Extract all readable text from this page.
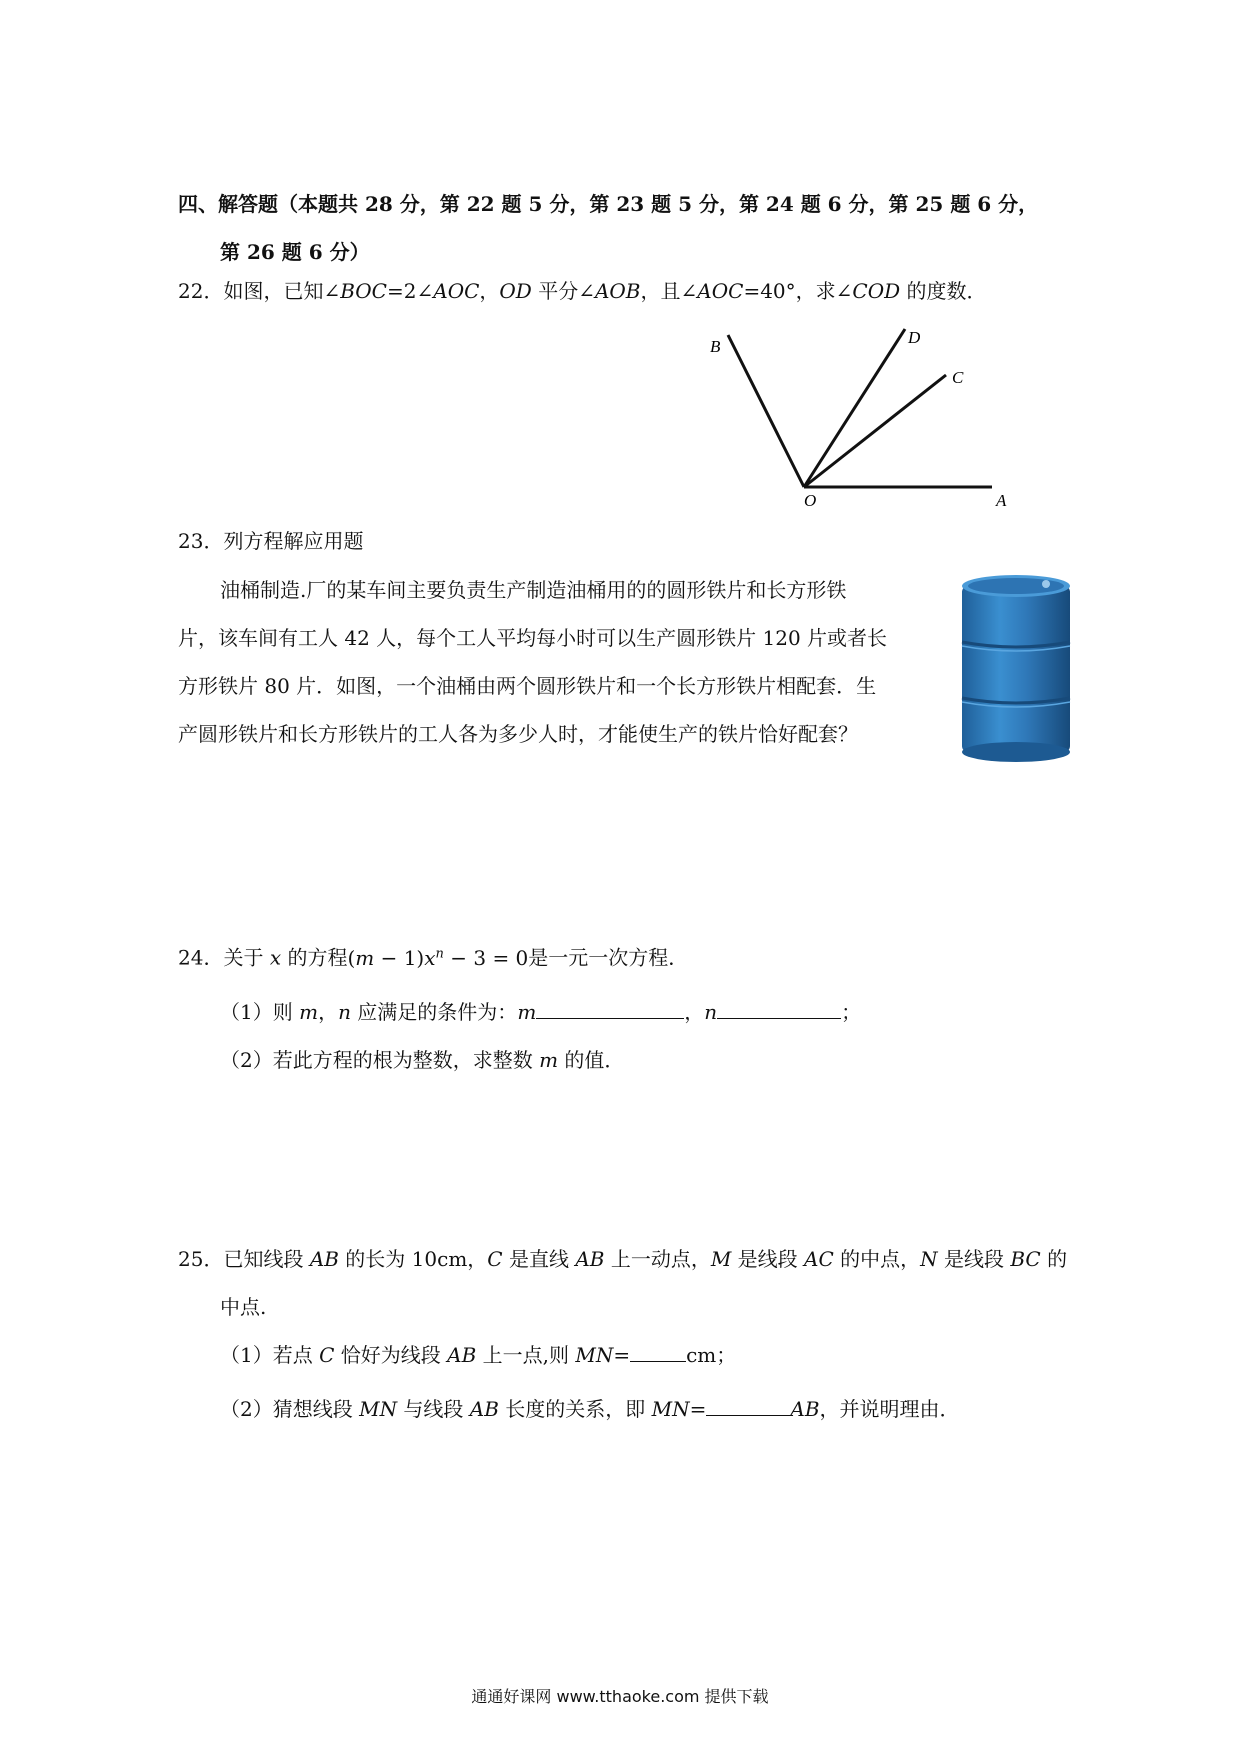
四、解答题（本题共 28 分，第 22 题 5 分，第 23 题 5 分，第 24 题 6 分，第 25 题 6 分，
第 26 题 6 分）
22．如图，已知∠BOC=2∠AOC，OD 平分∠AOB，且∠AOC=40°，求∠COD 的度数．
B	D
C
O	A
23．列方程解应用题
油桶制造.厂的某车间主要负责生产制造油桶用的的圆形铁片和长方形铁
片，该车间有工人 42 人，每个工人平均每小时可以生产圆形铁片 120 片或者长
方形铁片 80 片．如图，一个油桶由两个圆形铁片和一个长方形铁片相配套．生
产圆形铁片和长方形铁片的工人各为多少人时，才能使生产的铁片恰好配套？
24．关于 x 的方程$(m - 1)x^n - 3 = 0$是一元一次方程．
（1）则 m，n 应满足的条件为：m	，n	；
（2）若此方程的根为整数，求整数 m 的值．
25．已知线段 AB 的长为 10cm，C 是直线 AB 上一动点，M 是线段 AC 的中点，N 是线段 BC 的
中点.
（1）若点 C 恰好为线段 AB 上一点,则 MN=	cm；
（2）猜想线段 MN 与线段 AB 长度的关系，即 MN=	AB，并说明理由．
通通好课网 www.tthaoke.com 提供下载
